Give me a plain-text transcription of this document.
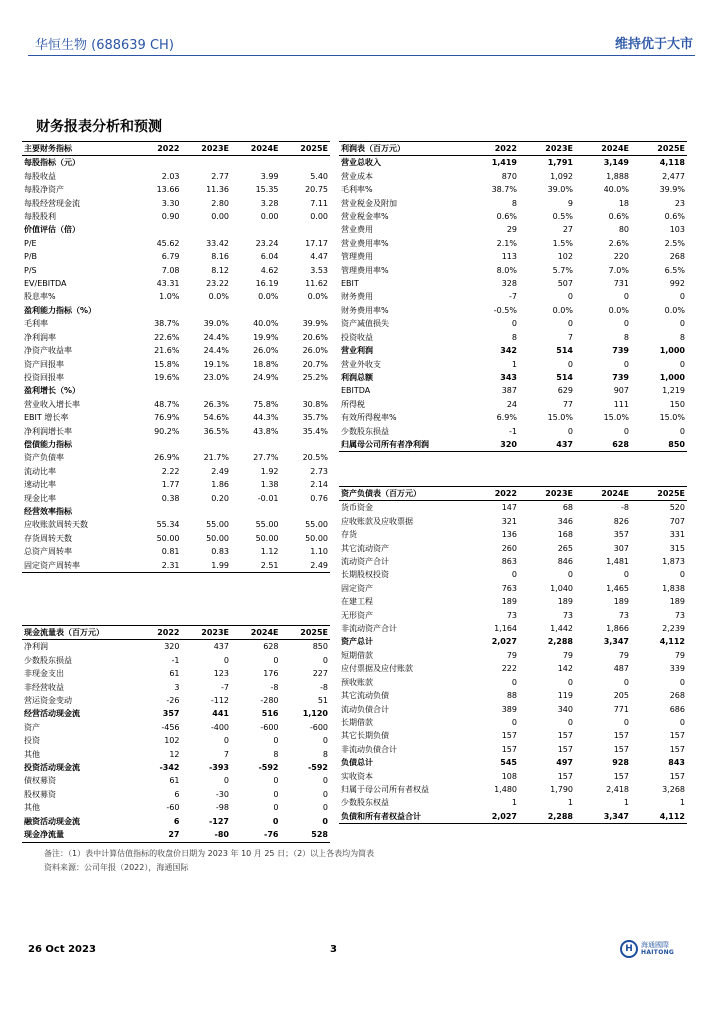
华恒生物 (688639 CH)	维持优于大市
财务报表分析和预测
主要财务指标	2022	2023E	2024E	2025E
每股指标（元）				
每股收益	2.03	2.77	3.99	5.40
每股净资产	13.66	11.36	15.35	20.75
每股经营现金流	3.30	2.80	3.28	7.11
每股股利	0.90	0.00	0.00	0.00
价值评估（倍）				
P/E	45.62	33.42	23.24	17.17
P/B	6.79	8.16	6.04	4.47
P/S	7.08	8.12	4.62	3.53
EV/EBITDA	43.31	23.22	16.19	11.62
股息率%	1.0%	0.0%	0.0%	0.0%
盈利能力指标（%）				
毛利率	38.7%	39.0%	40.0%	39.9%
净利润率	22.6%	24.4%	19.9%	20.6%
净资产收益率	21.6%	24.4%	26.0%	26.0%
资产回报率	15.8%	19.1%	18.8%	20.7%
投资回报率	19.6%	23.0%	24.9%	25.2%
盈利增长（%）				
营业收入增长率	48.7%	26.3%	75.8%	30.8%
EBIT 增长率	76.9%	54.6%	44.3%	35.7%
净利润增长率	90.2%	36.5%	43.8%	35.4%
偿债能力指标				
资产负债率	26.9%	21.7%	27.7%	20.5%
流动比率	2.22	2.49	1.92	2.73
速动比率	1.77	1.86	1.38	2.14
现金比率	0.38	0.20	-0.01	0.76
经营效率指标				
应收账款周转天数	55.34	55.00	55.00	55.00
存货周转天数	50.00	50.00	50.00	50.00
总资产周转率	0.81	0.83	1.12	1.10
固定资产周转率	2.31	1.99	2.51	2.49
现金流量表（百万元）	2022	2023E	2024E	2025E
净利润	320	437	628	850
少数股东损益	-1	0	0	0
非现金支出	61	123	176	227
非经营收益	3	-7	-8	-8
营运资金变动	-26	-112	-280	51
经营活动现金流	357	441	516	1,120
资产	-456	-400	-600	-600
投资	102	0	0	0
其他	12	7	8	8
投资活动现金流	-342	-393	-592	-592
债权募资	61	0	0	0
股权募资	6	-30	0	0
其他	-60	-98	0	0
融资活动现金流	6	-127	0	0
现金净流量	27	-80	-76	528
利润表（百万元）	2022	2023E	2024E	2025E
营业总收入	1,419	1,791	3,149	4,118
营业成本	870	1,092	1,888	2,477
毛利率%	38.7%	39.0%	40.0%	39.9%
营业税金及附加	8	9	18	23
营业税金率%	0.6%	0.5%	0.6%	0.6%
营业费用	29	27	80	103
营业费用率%	2.1%	1.5%	2.6%	2.5%
管理费用	113	102	220	268
管理费用率%	8.0%	5.7%	7.0%	6.5%
EBIT	328	507	731	992
财务费用	-7	0	0	0
财务费用率%	-0.5%	0.0%	0.0%	0.0%
资产减值损失	0	0	0	0
投资收益	8	7	8	8
营业利润	342	514	739	1,000
营业外收支	1	0	0	0
利润总额	343	514	739	1,000
EBITDA	387	629	907	1,219
所得税	24	77	111	150
有效所得税率%	6.9%	15.0%	15.0%	15.0%
少数股东损益	-1	0	0	0
归属母公司所有者净利润	320	437	628	850
资产负债表（百万元）	2022	2023E	2024E	2025E
货币资金	147	68	-8	520
应收账款及应收票据	321	346	826	707
存货	136	168	357	331
其它流动资产	260	265	307	315
流动资产合计	863	846	1,481	1,873
长期股权投资	0	0	0	0
固定资产	763	1,040	1,465	1,838
在建工程	189	189	189	189
无形资产	73	73	73	73
非流动资产合计	1,164	1,442	1,866	2,239
资产总计	2,027	2,288	3,347	4,112
短期借款	79	79	79	79
应付票据及应付账款	222	142	487	339
预收账款	0	0	0	0
其它流动负债	88	119	205	268
流动负债合计	389	340	771	686
长期借款	0	0	0	0
其它长期负债	157	157	157	157
非流动负债合计	157	157	157	157
负债总计	545	497	928	843
实收资本	108	157	157	157
归属于母公司所有者权益	1,480	1,790	2,418	3,268
少数股东权益	1	1	1	1
负债和所有者权益合计	2,027	2,288	3,347	4,112
备注：（1）表中计算估值指标的收盘价日期为 2023 年 10 月 25 日；（2）以上各表均为简表
资料来源：公司年报（2022），海通国际
26 Oct 2023	3	H	海通國際
HAITONG
